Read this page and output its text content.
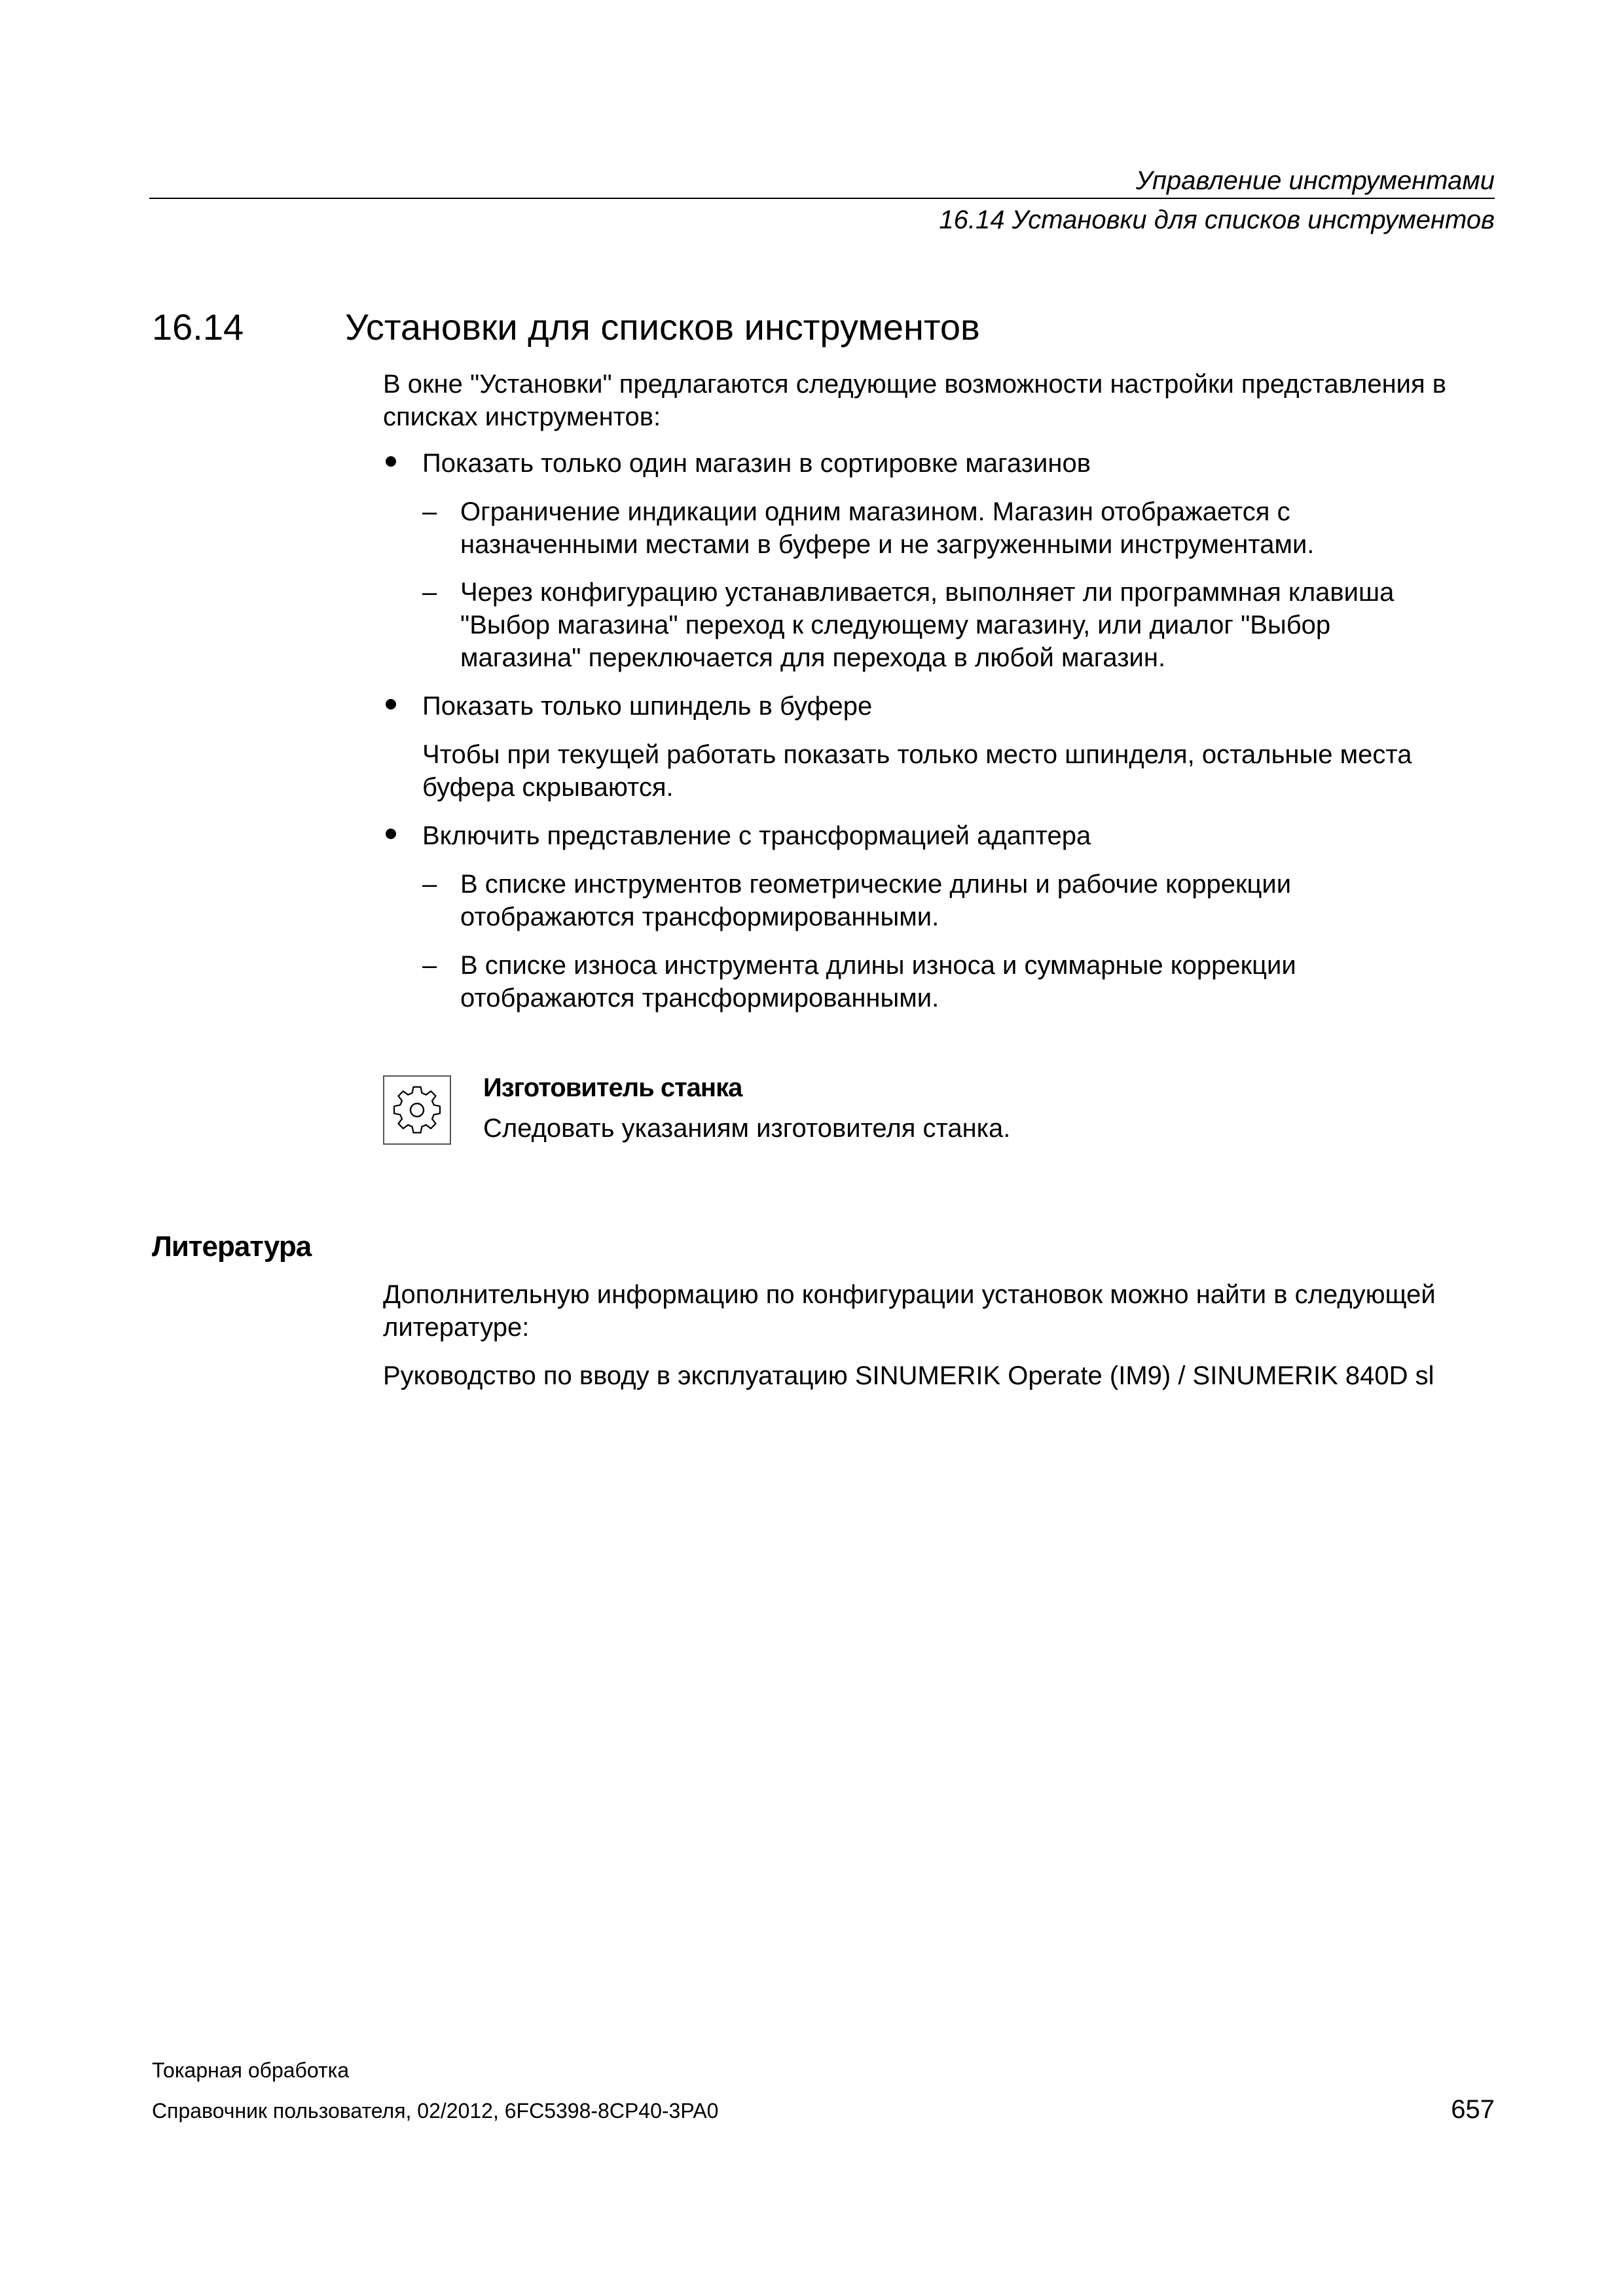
Управление инструментами
16.14 Установки для списков инструментов
16.14	Установки для списков инструментов
В окне "Установки" предлагаются следующие возможности настройки представления в
списках инструментов:
Показать только один магазин в сортировке магазинов
– Ограничение индикации одним магазином. Магазин отображается с
назначенными местами в буфере и не загруженными инструментами.
– Через конфигурацию устанавливается, выполняет ли программная клавиша
"Выбор магазина" переход к следующему магазину, или диалог "Выбор
магазина" переключается для перехода в любой магазин.
Показать только шпиндель в буфере
Чтобы при текущей работать показать только место шпинделя, остальные места
буфера скрываются.
Включить представление с трансформацией адаптера
– В списке инструментов геометрические длины и рабочие коррекции
отображаются трансформированными.
– В списке износа инструмента длины износа и суммарные коррекции
отображаются трансформированными.
Изготовитель станка
Следовать указаниям изготовителя станка.
Литература
Дополнительную информацию по конфигурации установок можно найти в следующей
литературе:
Руководство по вводу в эксплуатацию SINUMERIK Operate (IM9) / SINUMERIK 840D sl
Токарная обработка
Справочник пользователя, 02/2012, 6FC5398-8CP40-3PA0	657
